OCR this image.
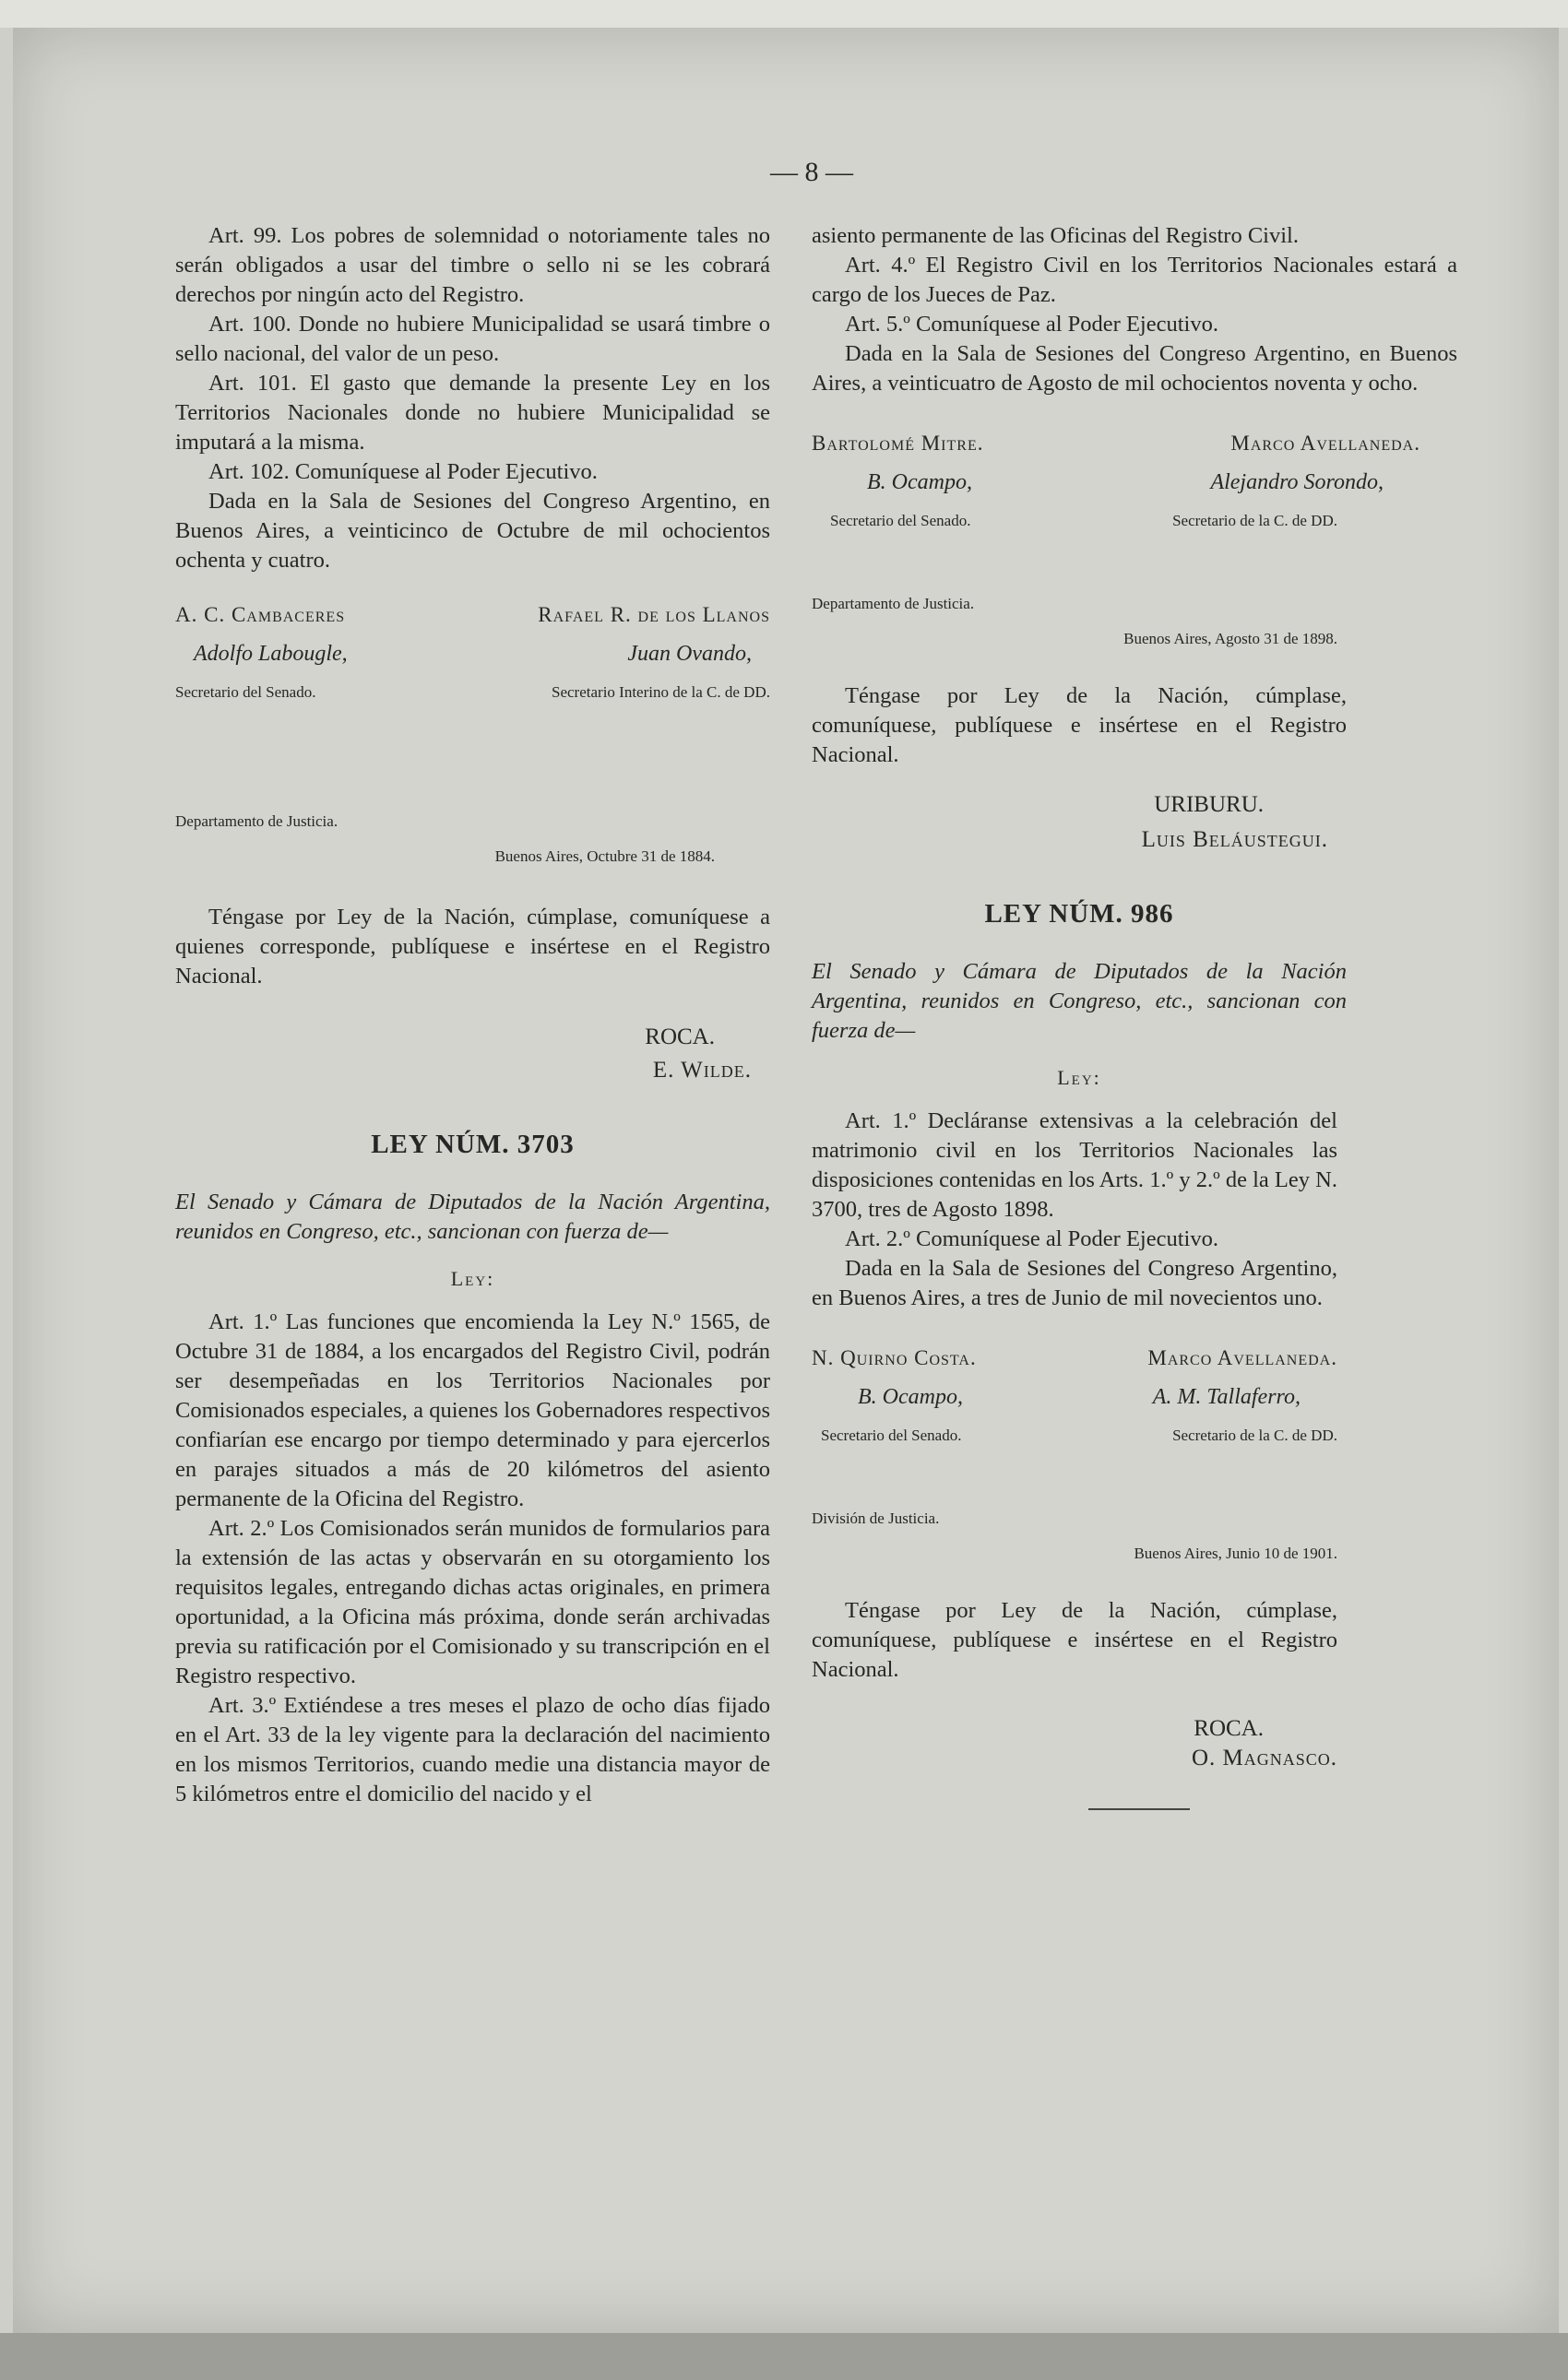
— 8 —

Art. 99. Los pobres de solemnidad o notoriamente tales no serán obligados a usar del timbre o sello ni se les cobrará derechos por ningún acto del Registro.

Art. 100. Donde no hubiere Municipalidad se usará timbre o sello nacional, del valor de un peso.

Art. 101. El gasto que demande la presente Ley en los Territorios Nacionales donde no hubiere Municipalidad se imputará a la misma.

Art. 102. Comuníquese al Poder Ejecutivo.

Dada en la Sala de Sesiones del Congreso Argentino, en Buenos Aires, a veinticinco de Octubre de mil ochocientos ochenta y cuatro.

A. C. Cambaceres	Rafael R. de los Llanos
Adolfo Labougle,	Juan Ovando,
Secretario del Senado.	Secretario Interino de la C. de DD.
Departamento de Justicia.
Buenos Aires, Octubre 31 de 1884.

Téngase por Ley de la Nación, cúmplase, comuníquese a quienes corresponde, publíquese e insértese en el Registro Nacional.

ROCA.
E. Wilde.
LEY NÚM. 3703

El Senado y Cámara de Diputados de la Nación Argentina, reunidos en Congreso, etc., sancionan con fuerza de—

Ley:

Art. 1.º Las funciones que encomienda la Ley N.º 1565, de Octubre 31 de 1884, a los encargados del Registro Civil, podrán ser desempeñadas en los Territorios Nacionales por Comisionados especiales, a quienes los Gobernadores respectivos confiarían ese encargo por tiempo determinado y para ejercerlos en parajes situados a más de 20 kilómetros del asiento permanente de la Oficina del Registro.

Art. 2.º Los Comisionados serán munidos de formularios para la extensión de las actas y observarán en su otorgamiento los requisitos legales, entregando dichas actas originales, en primera oportunidad, a la Oficina más próxima, donde serán archivadas previa su ratificación por el Comisionado y su transcripción en el Registro respectivo.

Art. 3.º Extiéndese a tres meses el plazo de ocho días fijado en el Art. 33 de la ley vigente para la declaración del nacimiento en los mismos Territorios, cuando medie una distancia mayor de 5 kilómetros entre el domicilio del nacido y el

asiento permanente de las Oficinas del Registro Civil.

Art. 4.º El Registro Civil en los Territorios Nacionales estará a cargo de los Jueces de Paz.

Art. 5.º Comuníquese al Poder Ejecutivo.

Dada en la Sala de Sesiones del Congreso Argentino, en Buenos Aires, a veinticuatro de Agosto de mil ochocientos noventa y ocho.

Bartolomé Mitre.	Marco Avellaneda.
B. Ocampo,	Alejandro Sorondo,
Secretario del Senado.	Secretario de la C. de DD.
Departamento de Justicia.
Buenos Aires, Agosto 31 de 1898.

Téngase por Ley de la Nación, cúmplase, comuníquese, publíquese e insértese en el Registro Nacional.

URIBURU.
Luis Beláustegui.
LEY NÚM. 986

El Senado y Cámara de Diputados de la Nación Argentina, reunidos en Congreso, etc., sancionan con fuerza de—

Ley:

Art. 1.º Decláranse extensivas a la celebración del matrimonio civil en los Territorios Nacionales las disposiciones contenidas en los Arts. 1.º y 2.º de la Ley N. 3700, tres de Agosto 1898.

Art. 2.º Comuníquese al Poder Ejecutivo.

Dada en la Sala de Sesiones del Congreso Argentino, en Buenos Aires, a tres de Junio de mil novecientos uno.

N. Quirno Costa.	Marco Avellaneda.
B. Ocampo,	A. M. Tallaferro,
Secretario del Senado.	Secretario de la C. de DD.
División de Justicia.
Buenos Aires, Junio 10 de 1901.

Téngase por Ley de la Nación, cúmplase, comuníquese, publíquese e insértese en el Registro Nacional.

ROCA.
O. Magnasco.
